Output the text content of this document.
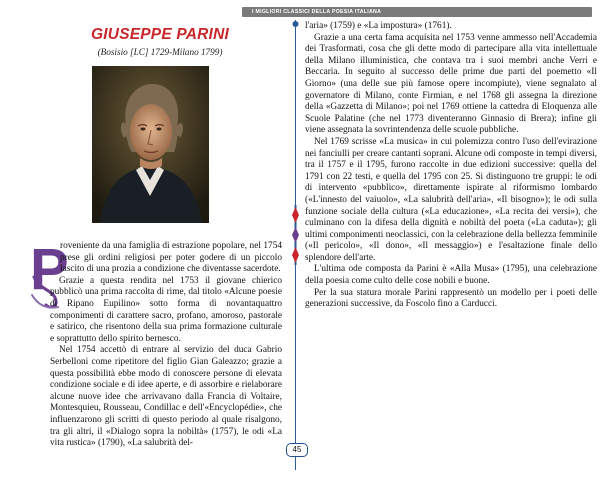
I MIGLIORI CLASSICI DELLA POESIA ITALIANA
GIUSEPPE PARINI
(Bosisio [LC] 1729-Milano 1799)
P

roveniente da una famiglia di estrazione popolare, nel 1754 prese gli ordini religiosi per poter godere di un piccolo lascito di una prozia a condizione che diventasse sacerdote.

Grazie a questa rendita nel 1753 il giovane chierico pubblicò una prima raccolta di rime, dal titolo «Alcune poesie di Ripano Eupilino» sotto forma di novantaquattro componimenti di carattere sacro, profano, amoroso, pastorale e satirico, che risentono della sua prima formazione culturale e soprattutto dello spirito bernesco.

Nel 1754 accettò di entrare al servizio del duca Gabrio Serbelloni come ripetitore del figlio Gian Galeazzo; grazie a questa possibilità ebbe modo di conoscere persone di elevata condizione sociale e di idee aperte, e di assorbire e rielaborare alcune nuove idee che arrivavano dalla Francia di Voltaire, Montesquieu, Rousseau, Condillac e dell'«Encyclopédie», che influenzarono gli scritti di questo periodo al quale risalgono, tra gli altri, il «Dialogo sopra la nobiltà» (1757), le odi «La vita rustica» (1790), «La salubrità del-

l'aria» (1759) e «La impostura» (1761).

Grazie a una certa fama acquisita nel 1753 venne ammesso nell'Accademia dei Trasformati, cosa che gli dette modo di partecipare alla vita intellettuale della Milano illuministica, che contava tra i suoi membri anche Verri e Beccaria. In seguito al successo delle prime due parti del poemetto «Il Giorno» (una delle sue più famose opere incompiute), viene segnalato al governatore di Milano, conte Firmian, e nel 1768 gli assegna la direzione della «Gazzetta di Milano»; poi nel 1769 ottiene la cattedra di Eloquenza alle Scuole Palatine (che nel 1773 diventeranno Ginnasio di Brera); infine gli viene assegnata la sovrintendenza delle scuole pubbliche.

Nel 1769 scrisse «La musica» in cui polemizza contro l'uso dell'evirazione nei fanciulli per creare cantanti soprani. Alcune odi composte in tempi diversi, tra il 1757 e il 1795, furono raccolte in due edizioni successive: quella del 1791 con 22 testi, e quella del 1795 con 25. Si distinguono tre gruppi: le odi di intervento «pubblico», direttamente ispirate al riformismo lombardo («L'innesto del vaiuolo», «La salubrità dell'aria», «Il bisogno»); le odi sulla funzione sociale della cultura («La educazione», «La recita dei versi»), che culminano con la difesa della dignità e nobiltà del poeta («La caduta»); gli ultimi componimenti neoclassici, con la celebrazione della bellezza femminile («Il pericolo», «Il dono», «Il messaggio») e l'esaltazione finale dello splendore dell'arte.

L'ultima ode composta da Parini è «Alla Musa» (1795), una celebrazione della poesia come culto delle cose nobili e buone.

Per la sua statura morale Parini rappresentò un modello per i poeti delle generazioni successive, da Foscolo fino a Carducci.

45
